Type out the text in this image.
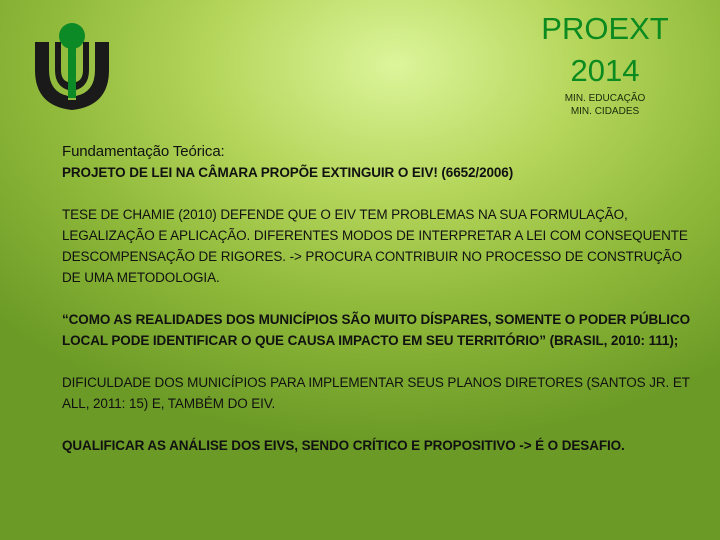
PROEXT
2014
MIN. EDUCAÇÃO
MIN. CIDADES

Fundamentação Teórica:

PROJETO DE LEI NA CÂMARA PROPÕE EXTINGUIR O EIV! (6652/2006)

TESE DE CHAMIE (2010) DEFENDE QUE O EIV TEM PROBLEMAS NA SUA FORMULAÇÃO, LEGALIZAÇÃO E APLICAÇÃO. DIFERENTES MODOS DE INTERPRETAR A LEI COM CONSEQUENTE DESCOMPENSAÇÃO DE RIGORES. -> PROCURA CONTRIBUIR NO PROCESSO DE CONSTRUÇÃO DE UMA METODOLOGIA.

“COMO AS REALIDADES DOS MUNICÍPIOS SÃO MUITO DÍSPARES, SOMENTE O PODER PÚBLICO LOCAL PODE IDENTIFICAR O QUE CAUSA IMPACTO EM SEU TERRITÓRIO” (BRASIL, 2010: 111);

DIFICULDADE DOS MUNICÍPIOS PARA IMPLEMENTAR SEUS PLANOS DIRETORES (SANTOS JR. ET ALL, 2011: 15) E, TAMBÉM DO EIV.

QUALIFICAR AS ANÁLISE DOS EIVS, SENDO CRÍTICO E PROPOSITIVO -> É O DESAFIO.
